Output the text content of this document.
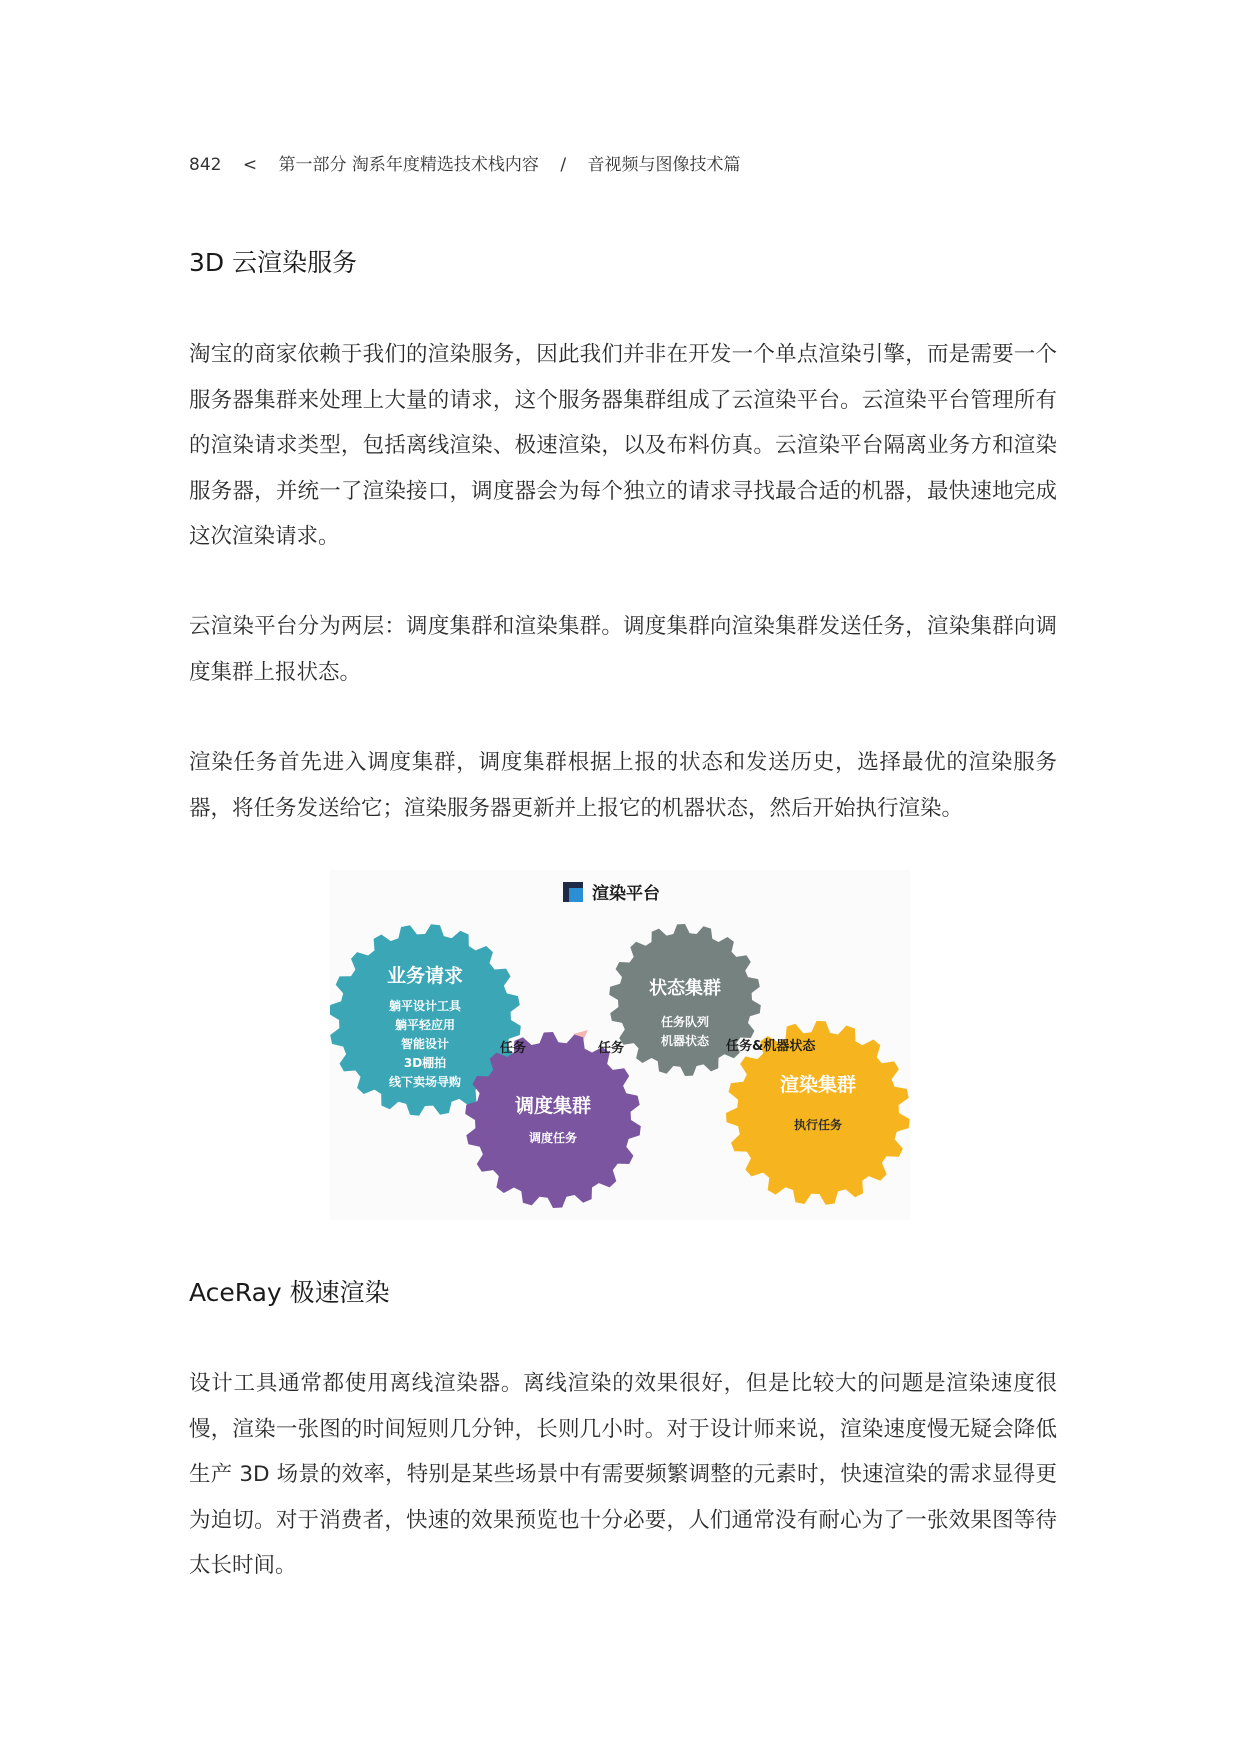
842 < 第一部分 淘系年度精选技术栈内容 / 音视频与图像技术篇
3D 云渲染服务

淘宝的商家依赖于我们的渲染服务，因此我们并非在开发一个单点渲染引擎，而是需要一个服务器集群来处理上大量的请求，这个服务器集群组成了云渲染平台。云渲染平台管理所有的渲染请求类型，包括离线渲染、极速渲染，以及布料仿真。云渲染平台隔离业务方和渲染服务器，并统一了渲染接口，调度器会为每个独立的请求寻找最合适的机器，最快速地完成这次渲染请求。

云渲染平台分为两层：调度集群和渲染集群。调度集群向渲染集群发送任务，渲染集群向调度集群上报状态。

渲染任务首先进入调度集群，调度集群根据上报的状态和发送历史，选择最优的渲染服务器，将任务发送给它；渲染服务器更新并上报它的机器状态，然后开始执行渲染。

渲染平台
业务请求
躺平设计工具
躺平轻应用
智能设计
3D棚拍
线下卖场导购
状态集群
任务队列
机器状态
调度集群
调度任务
渲染集群
执行任务
任务	任务	任务&机器状态
AceRay 极速渲染

设计工具通常都使用离线渲染器。离线渲染的效果很好，但是比较大的问题是渲染速度很慢，渲染一张图的时间短则几分钟，长则几小时。对于设计师来说，渲染速度慢无疑会降低生产 3D 场景的效率，特别是某些场景中有需要频繁调整的元素时，快速渲染的需求显得更为迫切。对于消费者，快速的效果预览也十分必要，人们通常没有耐心为了一张效果图等待太长时间。
